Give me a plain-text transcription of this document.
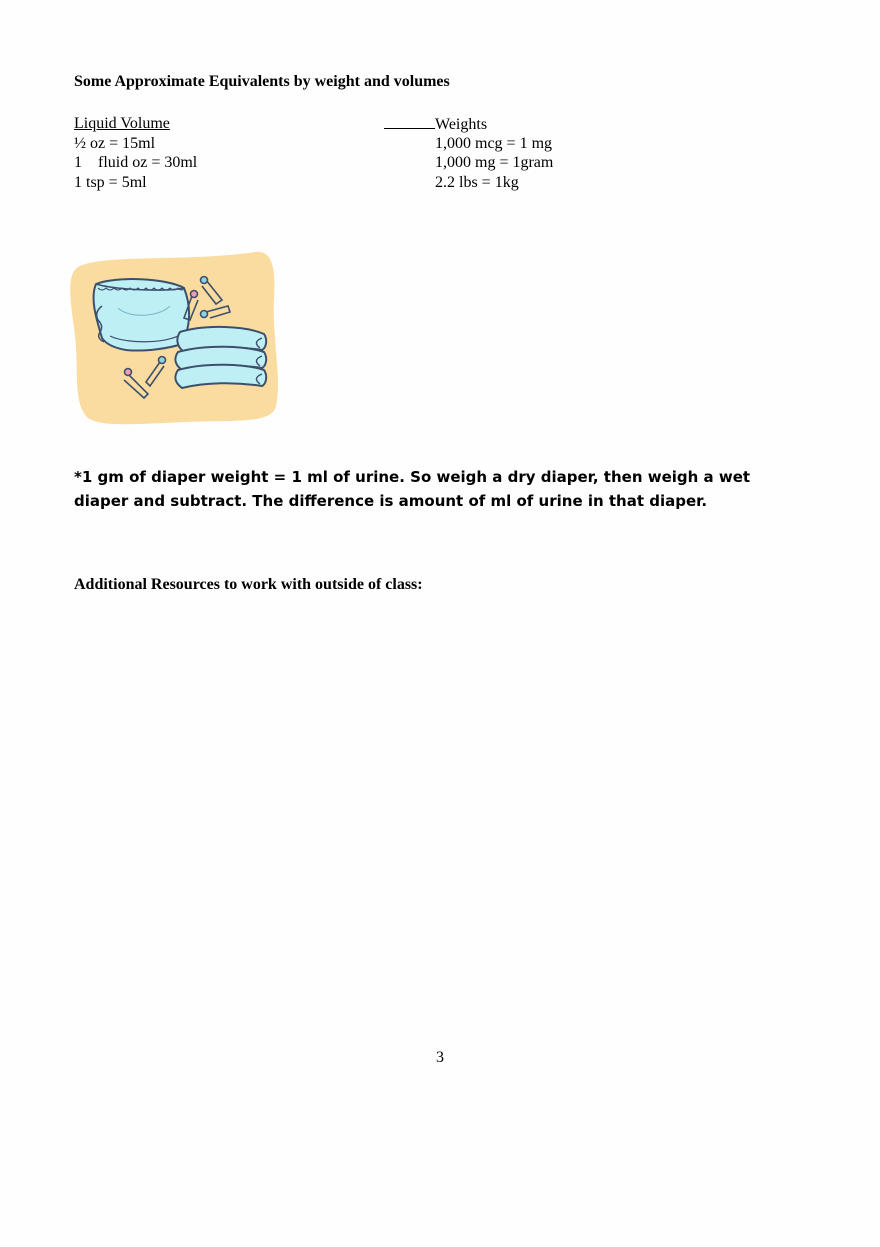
Some Approximate Equivalents by weight and volumes
Liquid Volume
½ oz = 15ml
1 fluid oz = 30ml
1 tsp = 5ml
Weights
1,000 mcg = 1 mg
1,000 mg = 1gram
2.2 lbs = 1kg
*1 gm of diaper weight = 1 ml of urine. So weigh a dry diaper, then weigh a wet
diaper and subtract. The difference is amount of ml of urine in that diaper.
Additional Resources to work with outside of class:
3
